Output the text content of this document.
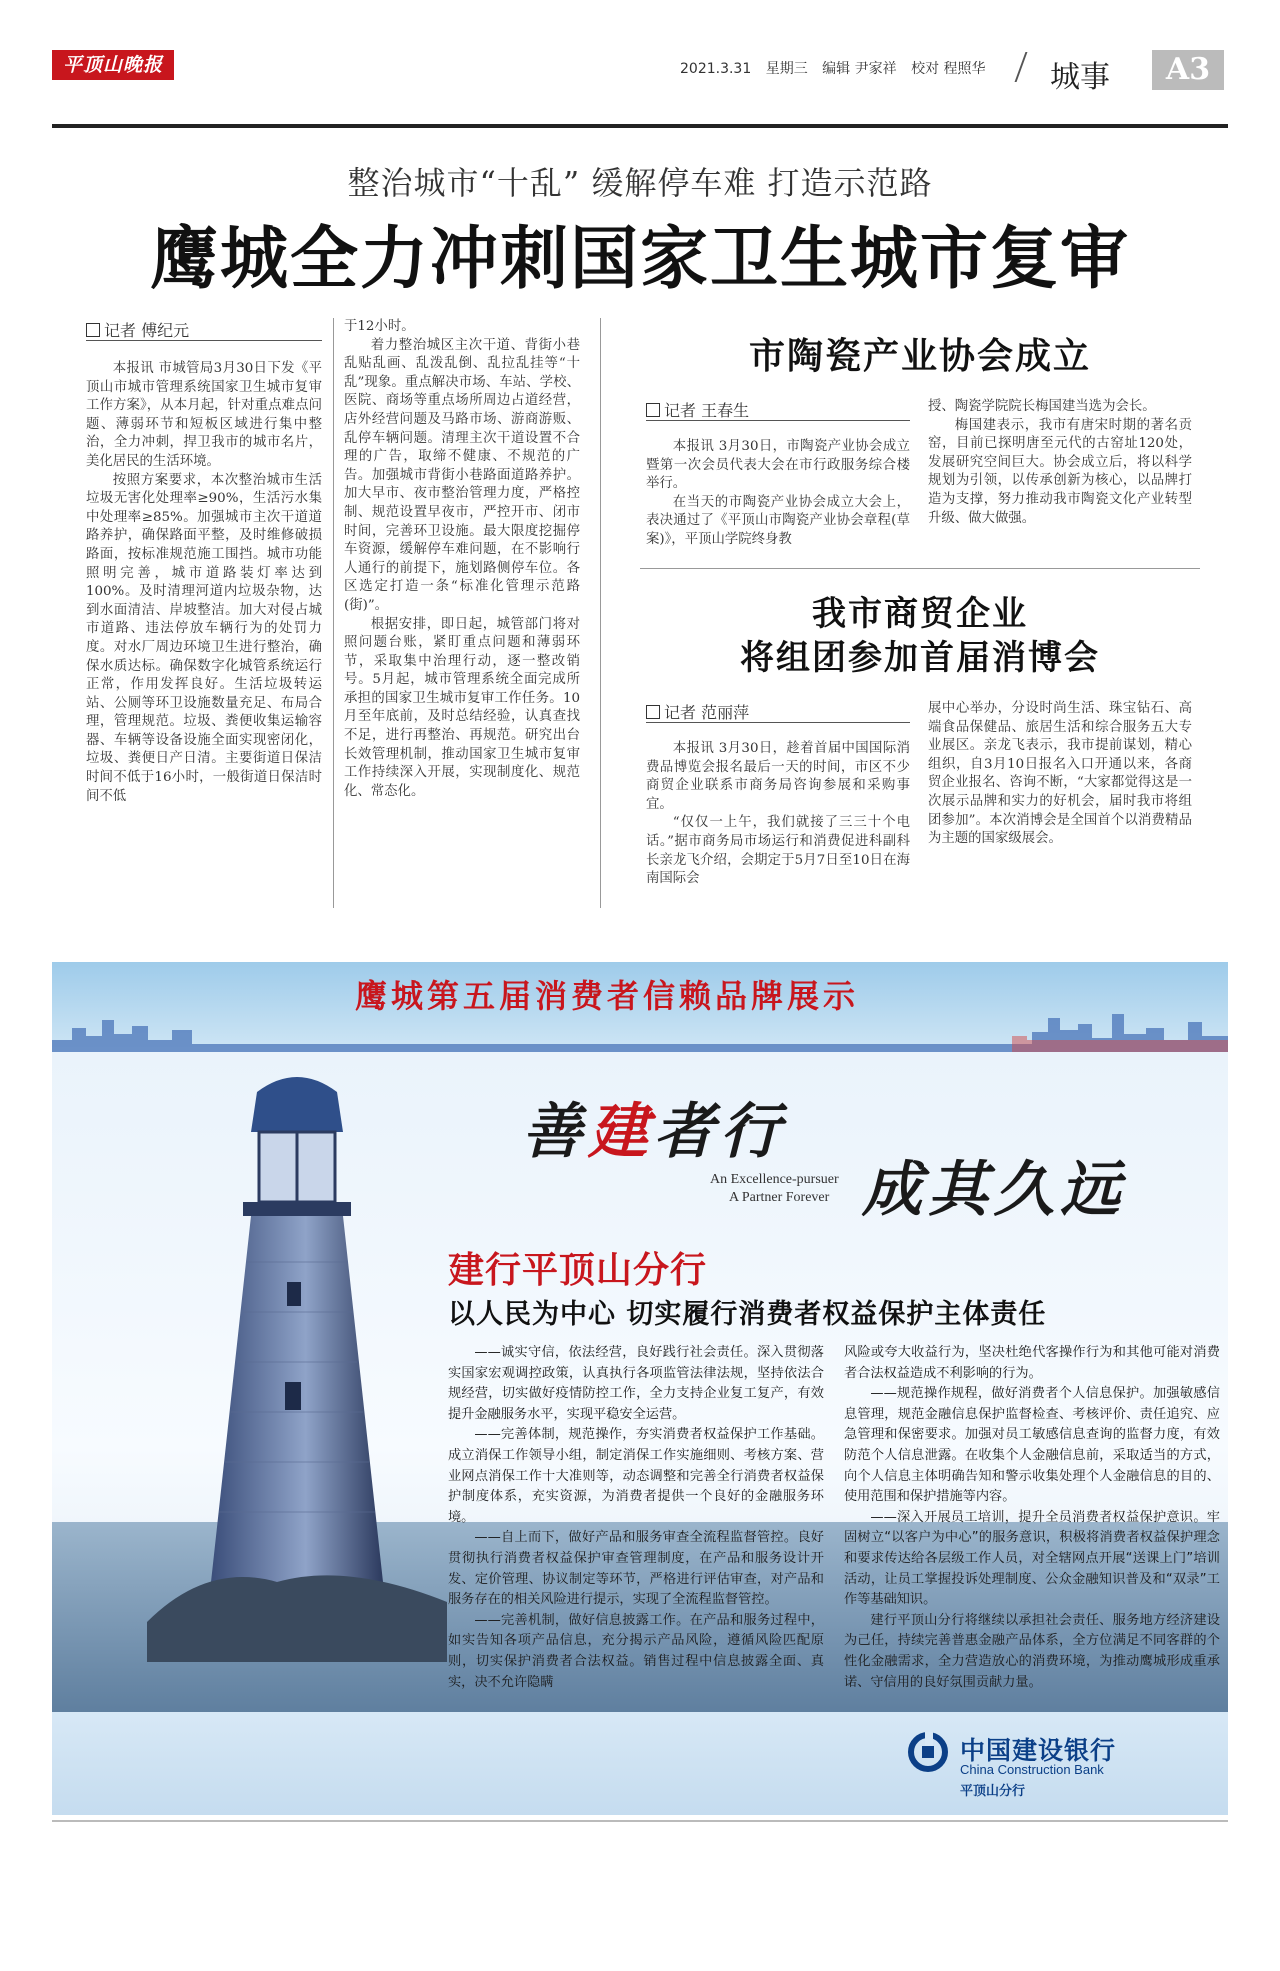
平顶山晚报	2021.3.31 星期三 编辑 尹家祥 校对 程照华	城事	A3
整治城市“十乱” 缓解停车难 打造示范路
鹰城全力冲刺国家卫生城市复审
记者 傅纪元

本报讯 市城管局3月30日下发《平顶山市城市管理系统国家卫生城市复审工作方案》，从本月起，针对重点难点问题、薄弱环节和短板区域进行集中整治，全力冲刺，捍卫我市的城市名片，美化居民的生活环境。

按照方案要求，本次整治城市生活垃圾无害化处理率≥90%，生活污水集中处理率≥85%。加强城市主次干道道路养护，确保路面平整，及时维修破损路面，按标准规范施工围挡。城市功能照明完善，城市道路装灯率达到100%。及时清理河道内垃圾杂物，达到水面清洁、岸坡整洁。加大对侵占城市道路、违法停放车辆行为的处罚力度。对水厂周边环境卫生进行整治，确保水质达标。确保数字化城管系统运行正常，作用发挥良好。生活垃圾转运站、公厕等环卫设施数量充足、布局合理，管理规范。垃圾、粪便收集运输容器、车辆等设备设施全面实现密闭化，垃圾、粪便日产日清。主要街道日保洁时间不低于16小时，一般街道日保洁时间不低

于12小时。

着力整治城区主次干道、背街小巷乱贴乱画、乱泼乱倒、乱拉乱挂等“十乱”现象。重点解决市场、车站、学校、医院、商场等重点场所周边占道经营，店外经营问题及马路市场、游商游贩、乱停车辆问题。清理主次干道设置不合理的广告，取缔不健康、不规范的广告。加强城市背街小巷路面道路养护。加大早市、夜市整治管理力度，严格控制、规范设置早夜市，严控开市、闭市时间，完善环卫设施。最大限度挖掘停车资源，缓解停车难问题，在不影响行人通行的前提下，施划路侧停车位。各区选定打造一条“标准化管理示范路(街)”。

根据安排，即日起，城管部门将对照问题台账，紧盯重点问题和薄弱环节，采取集中治理行动，逐一整改销号。5月起，城市管理系统全面完成所承担的国家卫生城市复审工作任务。10月至年底前，及时总结经验，认真查找不足，进行再整治、再规范。研究出台长效管理机制，推动国家卫生城市复审工作持续深入开展，实现制度化、规范化、常态化。

市陶瓷产业协会成立
记者 王春生

本报讯 3月30日，市陶瓷产业协会成立暨第一次会员代表大会在市行政服务综合楼举行。

在当天的市陶瓷产业协会成立大会上，表决通过了《平顶山市陶瓷产业协会章程(草案)》，平顶山学院终身教

授、陶瓷学院院长梅国建当选为会长。

梅国建表示，我市有唐宋时期的著名贡窑，目前已探明唐至元代的古窑址120处，发展研究空间巨大。协会成立后，将以科学规划为引领，以传承创新为核心，以品牌打造为支撑，努力推动我市陶瓷文化产业转型升级、做大做强。

我市商贸企业
将组团参加首届消博会
记者 范丽萍

本报讯 3月30日，趁着首届中国国际消费品博览会报名最后一天的时间，市区不少商贸企业联系市商务局咨询参展和采购事宜。

“仅仅一上午，我们就接了三三十个电话。”据市商务局市场运行和消费促进科副科长亲龙飞介绍，会期定于5月7日至10日在海南国际会

展中心举办，分设时尚生活、珠宝钻石、高端食品保健品、旅居生活和综合服务五大专业展区。亲龙飞表示，我市提前谋划，精心组织，自3月10日报名入口开通以来，各商贸企业报名、咨询不断，“大家都觉得这是一次展示品牌和实力的好机会，届时我市将组团参加”。本次消博会是全国首个以消费精品为主题的国家级展会。

鹰城第五届消费者信赖品牌展示
善建者行
An Excellence-pursuer
A Partner Forever 成其久远
建行平顶山分行
以人民为中心 切实履行消费者权益保护主体责任

——诚实守信，依法经营，良好践行社会责任。深入贯彻落实国家宏观调控政策，认真执行各项监管法律法规，坚持依法合规经营，切实做好疫情防控工作，全力支持企业复工复产，有效提升金融服务水平，实现平稳安全运营。

——完善体制，规范操作，夯实消费者权益保护工作基础。成立消保工作领导小组，制定消保工作实施细则、考核方案、营业网点消保工作十大准则等，动态调整和完善全行消费者权益保护制度体系，充实资源，为消费者提供一个良好的金融服务环境。

——自上而下，做好产品和服务审查全流程监督管控。良好贯彻执行消费者权益保护审查管理制度，在产品和服务设计开发、定价管理、协议制定等环节，严格进行评估审查，对产品和服务存在的相关风险进行提示，实现了全流程监督管控。

——完善机制，做好信息披露工作。在产品和服务过程中，如实告知各项产品信息，充分揭示产品风险，遵循风险匹配原则，切实保护消费者合法权益。销售过程中信息披露全面、真实，决不允许隐瞒

风险或夸大收益行为，坚决杜绝代客操作行为和其他可能对消费者合法权益造成不利影响的行为。

——规范操作规程，做好消费者个人信息保护。加强敏感信息管理，规范金融信息保护监督检查、考核评价、责任追究、应急管理和保密要求。加强对员工敏感信息查询的监督力度，有效防范个人信息泄露。在收集个人金融信息前，采取适当的方式，向个人信息主体明确告知和警示收集处理个人金融信息的目的、使用范围和保护措施等内容。

——深入开展员工培训，提升全员消费者权益保护意识。牢固树立“以客户为中心”的服务意识，积极将消费者权益保护理念和要求传达给各层级工作人员，对全辖网点开展“送课上门”培训活动，让员工掌握投诉处理制度、公众金融知识普及和“双录”工作等基础知识。

建行平顶山分行将继续以承担社会责任、服务地方经济建设为己任，持续完善普惠金融产品体系，全方位满足不同客群的个性化金融需求，全力营造放心的消费环境，为推动鹰城形成重承诺、守信用的良好氛围贡献力量。

中国建设银行
China Construction Bank
平顶山分行
